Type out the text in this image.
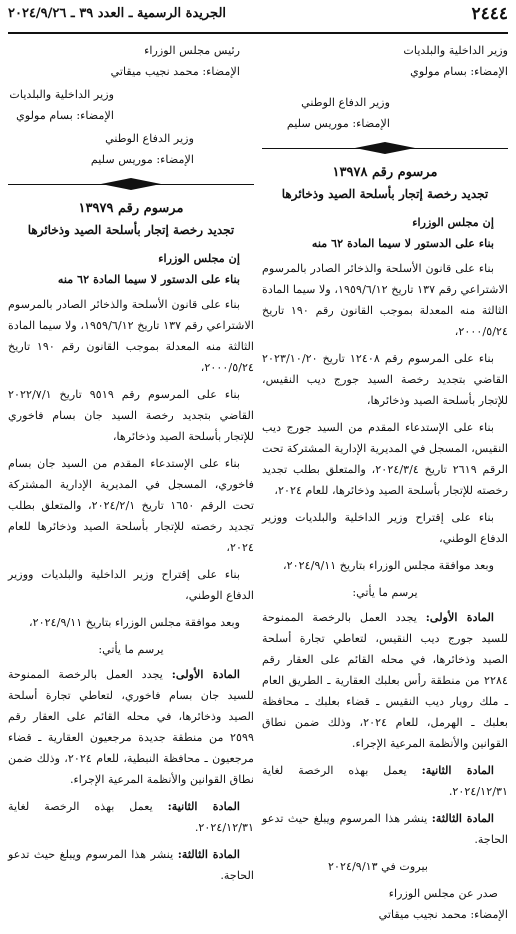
٢٤٤٤
الجريدة الرسمية ـ العدد ٣٩ ـ ٢٠٢٤/٩/٢٦

وزير الداخلية والبلديات

الإمضاء: بسام مولوي

وزير الدفاع الوطني

الإمضاء: موريس سليم

مرسوم رقم ١٣٩٧٨

تجديد رخصة إتجار بأسلحة الصيد وذخائرها

إن مجلس الوزراء

بناء على الدستور لا سيما المادة ٦٢ منه

بناء على قانون الأسلحة والذخائر الصادر بالمرسوم الاشتراعي رقم ١٣٧ تاريخ ١٩٥٩/٦/١٢، ولا سيما المادة الثالثة منه المعدلة بموجب القانون رقم ١٩٠ تاريخ ٢٠٠٠/٥/٢٤،

بناء على المرسوم رقم ١٢٤٠٨ تاريخ ٢٠٢٣/١٠/٢٠ القاضي بتجديد رخصة السيد جورج ديب النقيس، للإتجار بأسلحة الصيد وذخائرها،

بناء على الإستدعاء المقدم من السيد جورج ديب النقيس، المسجل في المديرية الإدارية المشتركة تحت الرقم ٢٦١٩ تاريخ ٢٠٢٤/٣/٤، والمتعلق بطلب تجديد رخصته للإتجار بأسلحة الصيد وذخائرها، للعام ٢٠٢٤،

بناء على إقتراح وزير الداخلية والبلديات ووزير الدفاع الوطني،

وبعد موافقة مجلس الوزراء بتاريخ ٢٠٢٤/٩/١١،

يرسم ما يأتي:

المادة الأولى: يجدد العمل بالرخصة الممنوحة للسيد جورج ديب النقيس، لتعاطي تجارة أسلحة الصيد وذخائرها، في محله القائم على العقار رقم ٢٢٨٤ من منطقة رأس بعلبك العقارية ـ الطريق العام ـ ملك رويار ديب النقيس ـ قضاء بعلبك ـ محافظة بعلبك ـ الهرمل، للعام ٢٠٢٤، وذلك ضمن نطاق القوانين والأنظمة المرعية الإجراء.

المادة الثانية: يعمل بهذه الرخصة لغاية ٢٠٢٤/١٢/٣١.

المادة الثالثة: ينشر هذا المرسوم ويبلغ حيث تدعو الحاجة.

بيروت في ٢٠٢٤/٩/١٣

صدر عن مجلس الوزراء

الإمضاء: محمد نجيب ميقاتي

رئيس مجلس الوزراء

الإمضاء: محمد نجيب ميقاتي

وزير الداخلية والبلديات

الإمضاء: بسام مولوي

وزير الدفاع الوطني

الإمضاء: موريس سليم

مرسوم رقم ١٣٩٧٩

تجديد رخصة إتجار بأسلحة الصيد وذخائرها

إن مجلس الوزراء

بناء على الدستور لا سيما المادة ٦٢ منه

بناء على قانون الأسلحة والذخائر الصادر بالمرسوم الاشتراعي رقم ١٣٧ تاريخ ١٩٥٩/٦/١٢، ولا سيما المادة الثالثة منه المعدلة بموجب القانون رقم ١٩٠ تاريخ ٢٠٠٠/٥/٢٤،

بناء على المرسوم رقم ٩٥١٩ تاريخ ٢٠٢٢/٧/١ القاضي بتجديد رخصة السيد جان بسام فاخوري للإتجار بأسلحة الصيد وذخائرها،

بناء على الإستدعاء المقدم من السيد جان بسام فاخوري، المسجل في المديرية الإدارية المشتركة تحت الرقم ١٦٥٠ تاريخ ٢٠٢٤/٢/١، والمتعلق بطلب تجديد رخصته للإتجار بأسلحة الصيد وذخائرها للعام ٢٠٢٤،

بناء على إقتراح وزير الداخلية والبلديات ووزير الدفاع الوطني،

وبعد موافقة مجلس الوزراء بتاريخ ٢٠٢٤/٩/١١،

يرسم ما يأتي:

المادة الأولى: يجدد العمل بالرخصة الممنوحة للسيد جان بسام فاخوري، لتعاطي تجارة أسلحة الصيد وذخائرها، في محله القائم على العقار رقم ٢٥٩٩ من منطقة جديدة مرجعيون العقارية ـ قضاء مرجعيون ـ محافظة النبطية، للعام ٢٠٢٤، وذلك ضمن نطاق القوانين والأنظمة المرعية الإجراء.

المادة الثانية: يعمل بهذه الرخصة لغاية ٢٠٢٤/١٢/٣١.

المادة الثالثة: ينشر هذا المرسوم ويبلغ حيث تدعو الحاجة.
